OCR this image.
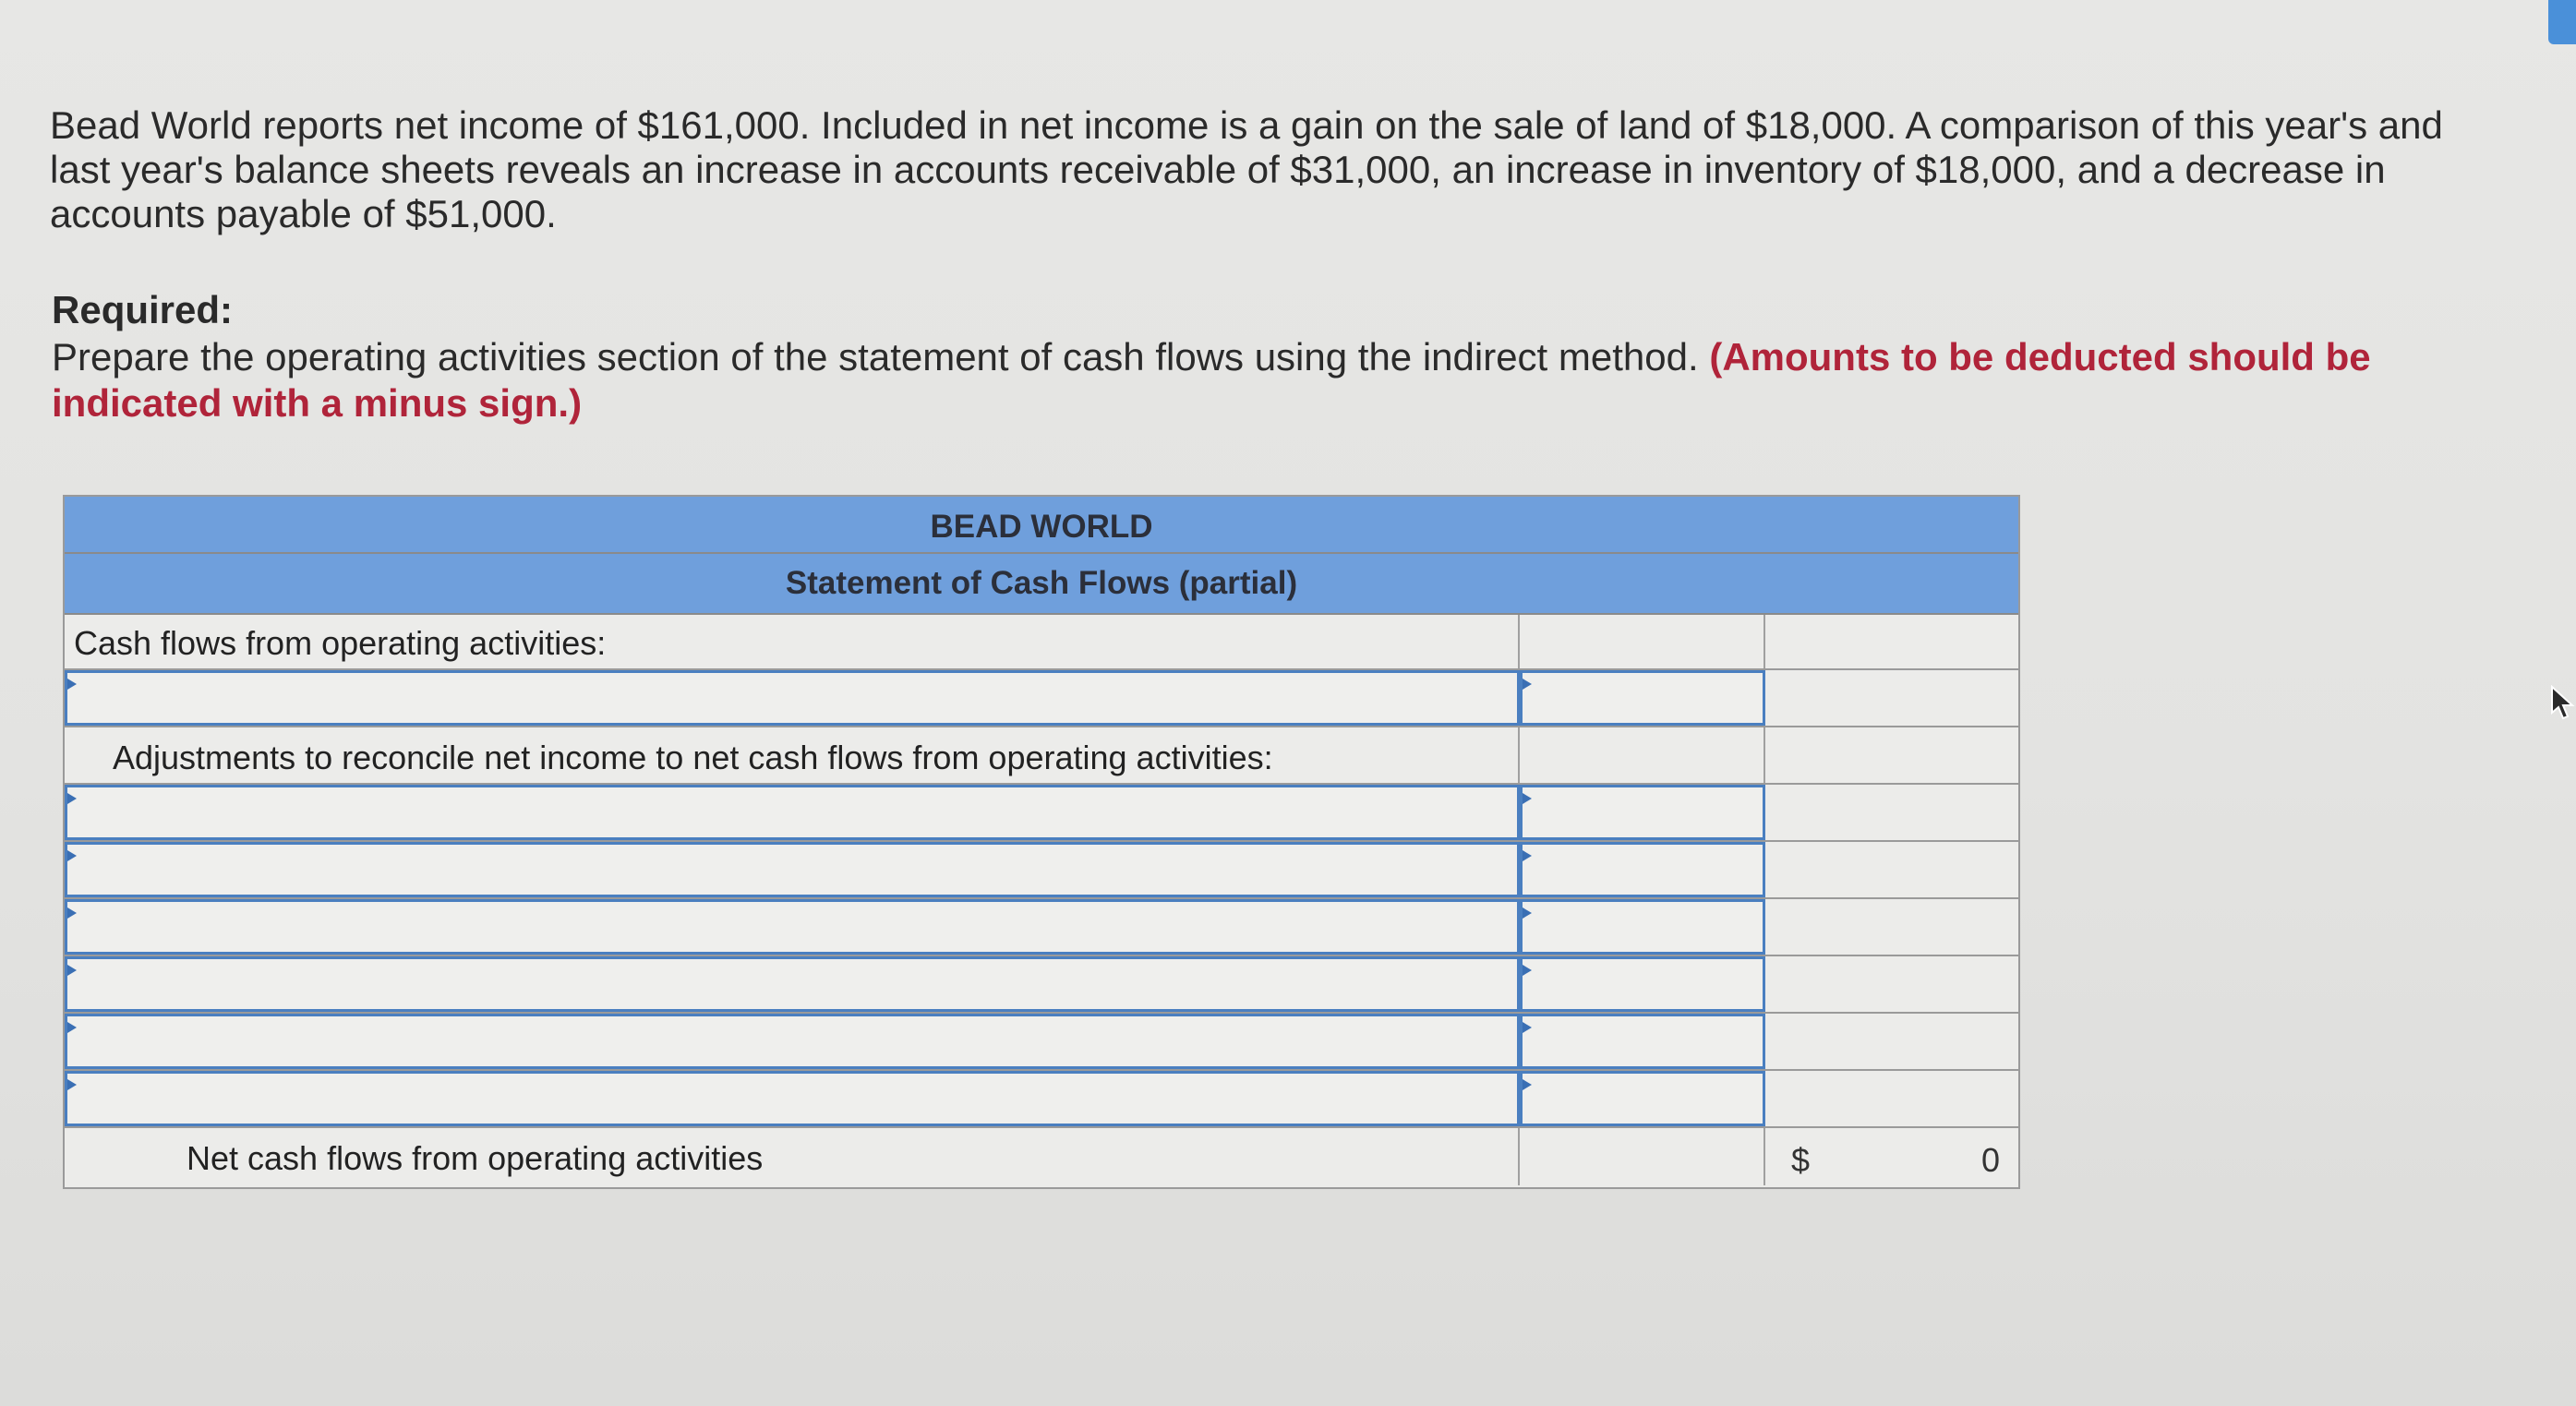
Bead World reports net income of $161,000. Included in net income is a gain on the sale of land of $18,000. A comparison of this year's and last year's balance sheets reveals an increase in accounts receivable of $31,000, an increase in inventory of $18,000, and a decrease in accounts payable of $51,000.
Required:
Prepare the operating activities section of the statement of cash flows using the indirect method. (Amounts to be deducted should be indicated with a minus sign.)
BEAD WORLD
Statement of Cash Flows (partial)
Cash flows from operating activities:
Adjustments to reconcile net income to net cash flows from operating activities:
Net cash flows from operating activities	0
$
